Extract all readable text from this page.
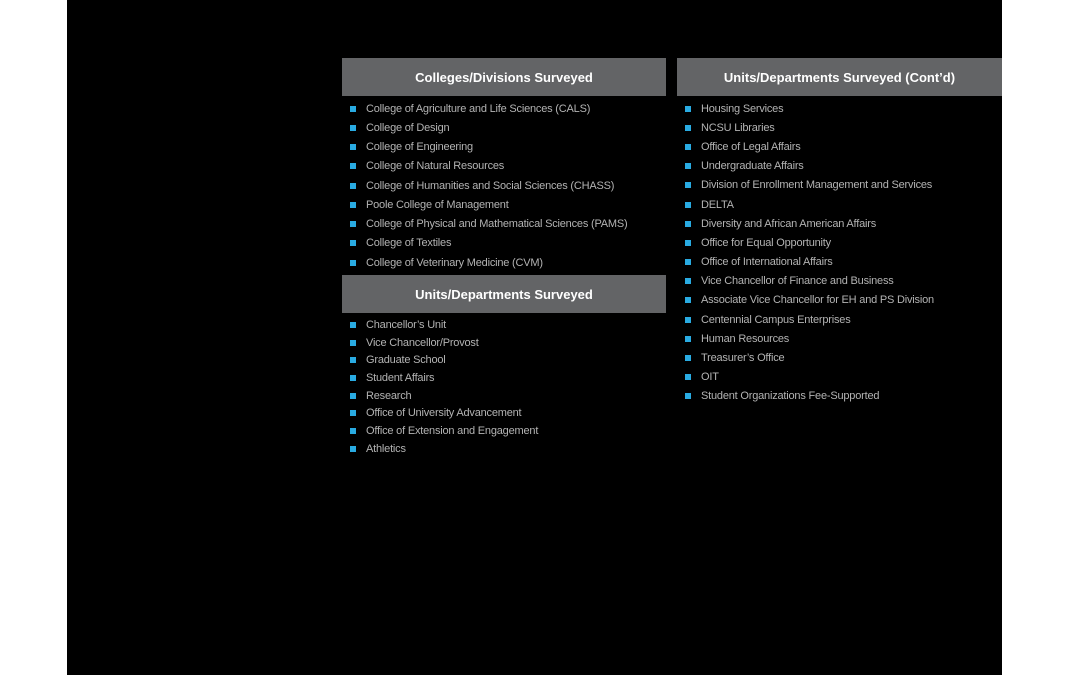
Colleges/Divisions Surveyed
College of Agriculture and Life Sciences (CALS)
College of Design
College of Engineering
College of Natural Resources
College of Humanities and Social Sciences (CHASS)
Poole College of Management
College of Physical and Mathematical Sciences (PAMS)
College of Textiles
College of Veterinary Medicine (CVM)
Units/Departments Surveyed
Chancellor’s Unit
Vice Chancellor/Provost
Graduate School
Student Affairs
Research
Office of University Advancement
Office of Extension and Engagement
Athletics
Units/Departments Surveyed (Cont’d)
Housing Services
NCSU Libraries
Office of Legal Affairs
Undergraduate Affairs
Division of Enrollment Management and Services
DELTA
Diversity and African American Affairs
Office for Equal Opportunity
Office of International Affairs
Vice Chancellor of Finance and Business
Associate Vice Chancellor for EH and PS Division
Centennial Campus Enterprises
Human Resources
Treasurer’s Office
OIT
Student Organizations Fee-Supported
